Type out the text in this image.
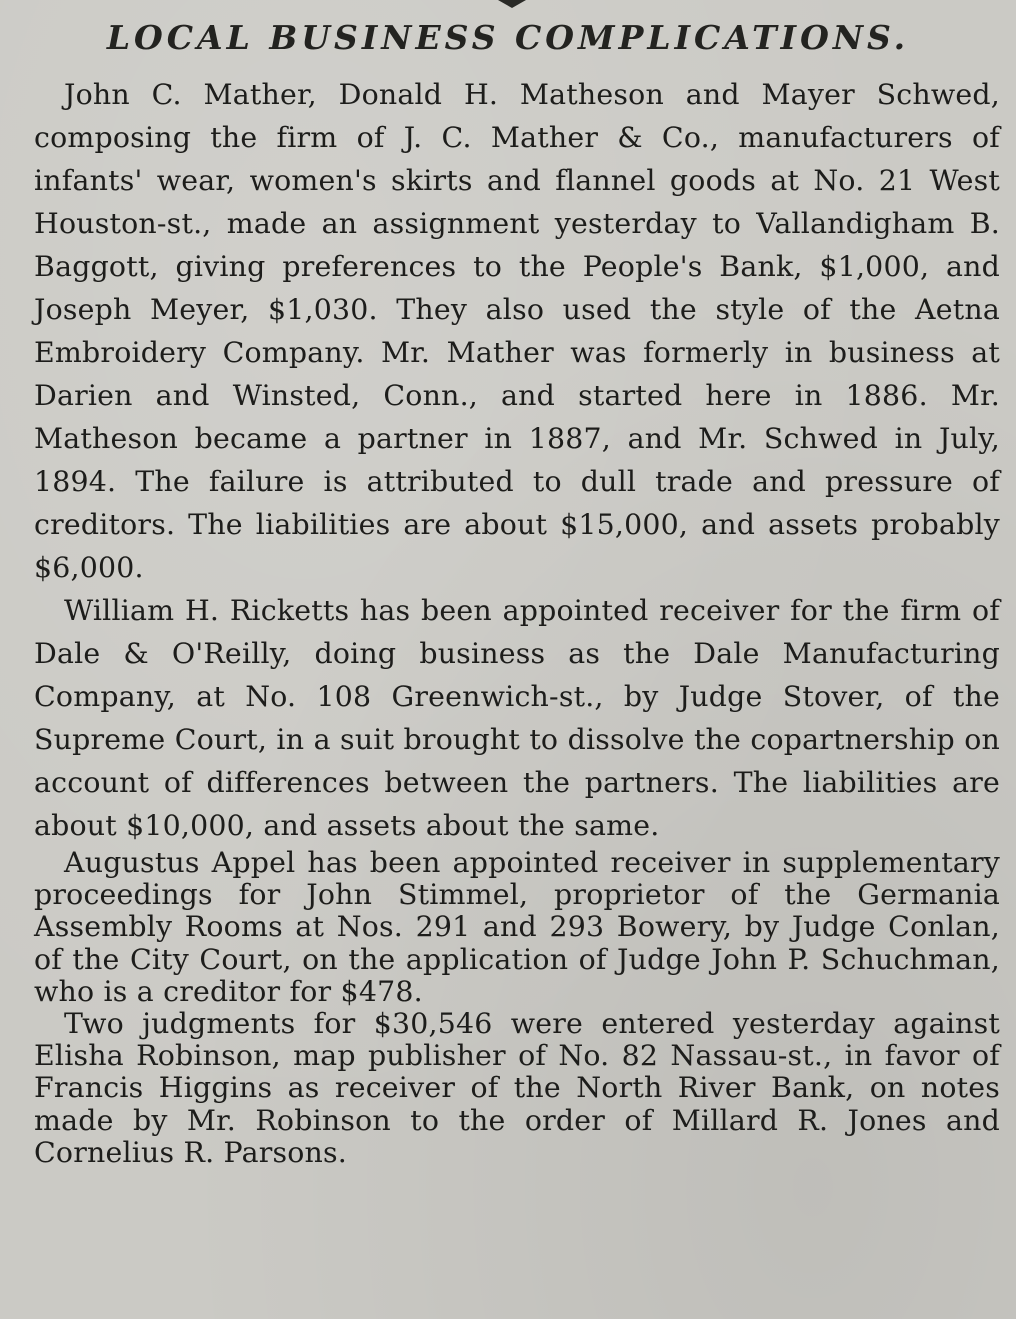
LOCAL BUSINESS COMPLICATIONS.

John C. Mather, Donald H. Matheson and Mayer Schwed, composing the firm of J. C. Mather & Co., manufacturers of infants' wear, women's skirts and flannel goods at No. 21 West Houston-st., made an assignment yesterday to Vallandigham B. Baggott, giving preferences to the People's Bank, $1,000, and Joseph Meyer, $1,030. They also used the style of the Aetna Embroidery Company. Mr. Mather was formerly in business at Darien and Winsted, Conn., and started here in 1886. Mr. Matheson became a partner in 1887, and Mr. Schwed in July, 1894. The failure is attributed to dull trade and pressure of creditors. The liabilities are about $15,000, and assets probably $6,000.

William H. Ricketts has been appointed receiver for the firm of Dale & O'Reilly, doing business as the Dale Manufacturing Company, at No. 108 Greenwich-st., by Judge Stover, of the Supreme Court, in a suit brought to dissolve the copartnership on account of differences between the partners. The liabilities are about $10,000, and assets about the same.

Augustus Appel has been appointed receiver in supplementary proceedings for John Stimmel, proprietor of the Germania Assembly Rooms at Nos. 291 and 293 Bowery, by Judge Conlan, of the City Court, on the application of Judge John P. Schuchman, who is a creditor for $478.

Two judgments for $30,546 were entered yesterday against Elisha Robinson, map publisher of No. 82 Nassau-st., in favor of Francis Higgins as receiver of the North River Bank, on notes made by Mr. Robinson to the order of Millard R. Jones and Cornelius R. Parsons.
